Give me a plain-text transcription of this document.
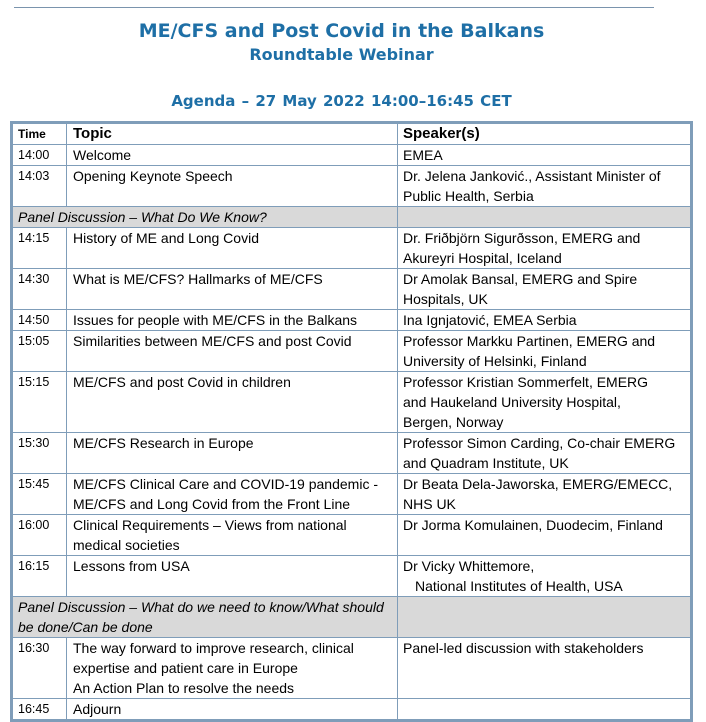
ME/CFS and Post Covid in the Balkans
Roundtable Webinar
Agenda – 27 May 2022 14:00–16:45 CET
Time	Topic	Speaker(s)
14:00	Welcome	EMEA

14:03	Opening Keynote Speech	Dr. Jelena Janković., Assistant Minister of
Public Health, Serbia

Panel Discussion – What Do We Know?		
14:15	History of ME and Long Covid	Dr. Friðbjörn Sigurðsson, EMERG and
Akureyri Hospital, Iceland

14:30	What is ME/CFS? Hallmarks of ME/CFS	Dr Amolak Bansal, EMERG and Spire
Hospitals, UK

14:50	Issues for people with ME/CFS in the Balkans	Ina Ignjatović, EMEA Serbia

15:05	Similarities between ME/CFS and post Covid	Professor Markku Partinen, EMERG and
University of Helsinki, Finland

15:15	ME/CFS and post Covid in children	Professor Kristian Sommerfelt, EMERG
and Haukeland University Hospital,
Bergen, Norway

15:30	ME/CFS Research in Europe	Professor Simon Carding, Co-chair EMERG
and Quadram Institute, UK

15:45	ME/CFS Clinical Care and COVID-19 pandemic -
ME/CFS and Long Covid from the Front Line	Dr Beata Dela-Jaworska, EMERG/EMECC,
NHS UK

16:00	Clinical Requirements – Views from national
medical societies	Dr Jorma Komulainen, Duodecim, Finland

16:15	Lessons from USA	Dr Vicky Whittemore,
National Institutes of Health, USA

Panel Discussion – What do we need to know/What should be done/Can be done		
16:30	The way forward to improve research, clinical
expertise and patient care in Europe
An Action Plan to resolve the needs	Panel-led discussion with stakeholders

16:45	Adjourn
